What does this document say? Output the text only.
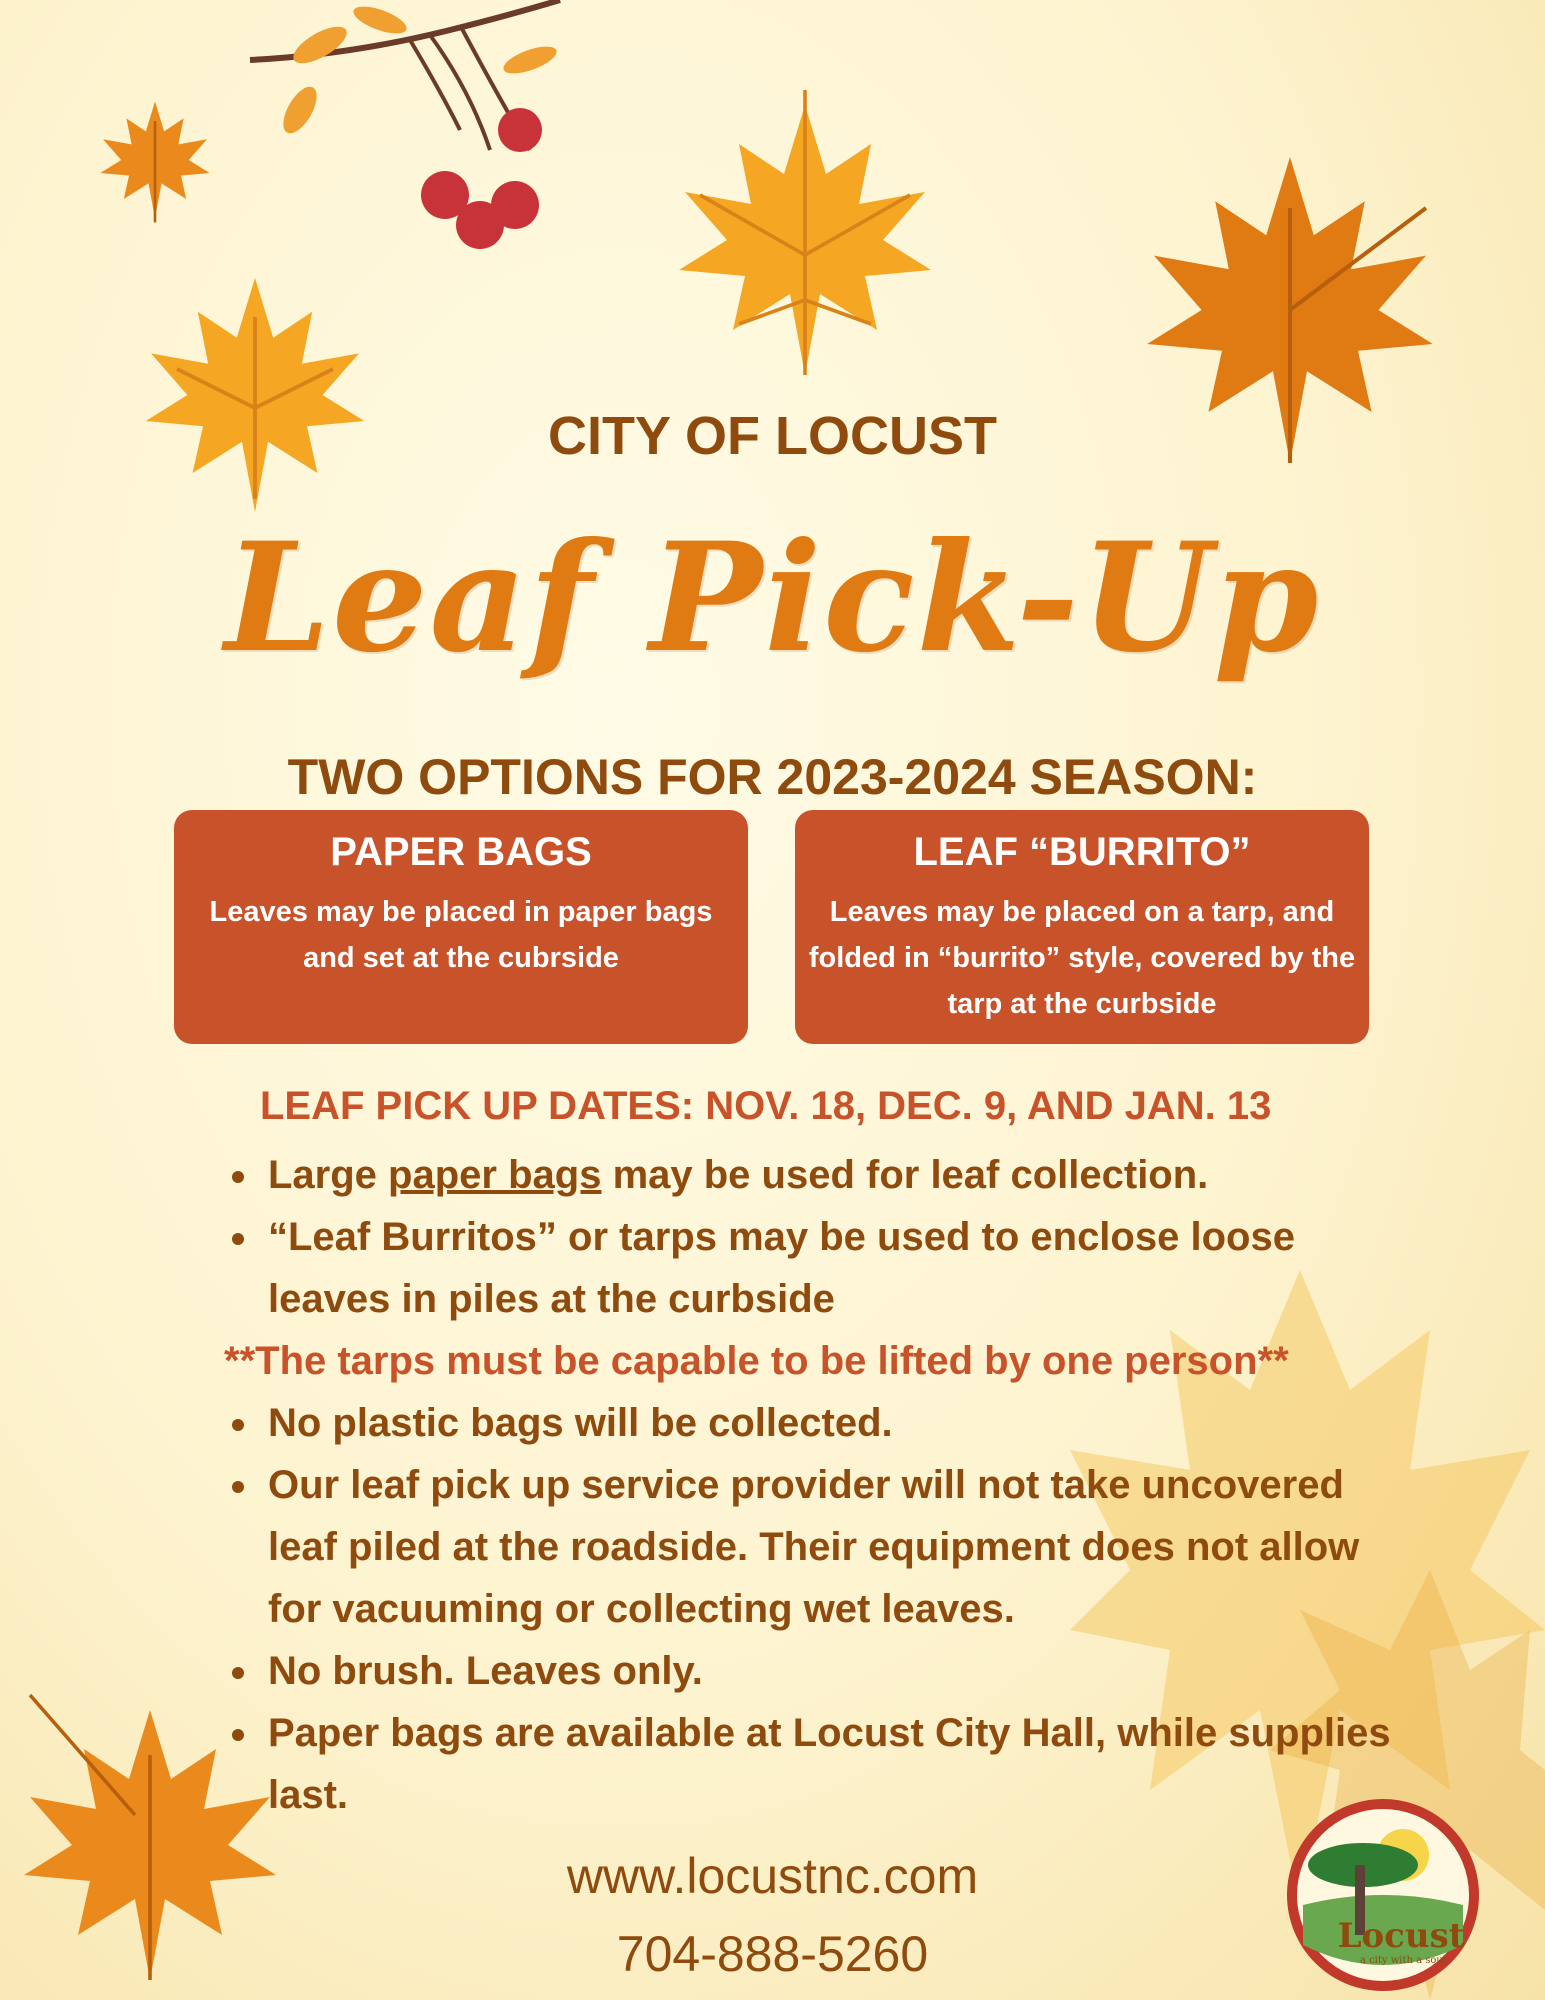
CITY OF LOCUST
Leaf Pick-Up
TWO OPTIONS FOR 2023-2024 SEASON:
PAPER BAGS
Leaves may be placed in paper bags and set at the cubrside
LEAF “BURRITO”
Leaves may be placed on a tarp, and folded in “burrito” style, covered by the tarp at the curbside
LEAF PICK UP DATES: NOV. 18, DEC. 9, AND JAN. 13
Large paper bags may be used for leaf collection.
“Leaf Burritos” or tarps may be used to enclose loose leaves in piles at the curbside
**The tarps must be capable to be lifted by one person**
No plastic bags will be collected.
Our leaf pick up service provider will not take uncovered leaf piled at the roadside. Their equipment does not allow for vacuuming or collecting wet leaves.
No brush. Leaves only.
Paper bags are available at Locust City Hall, while supplies last.
www.locustnc.com
704-888-5260	Locust
a city with a soul
